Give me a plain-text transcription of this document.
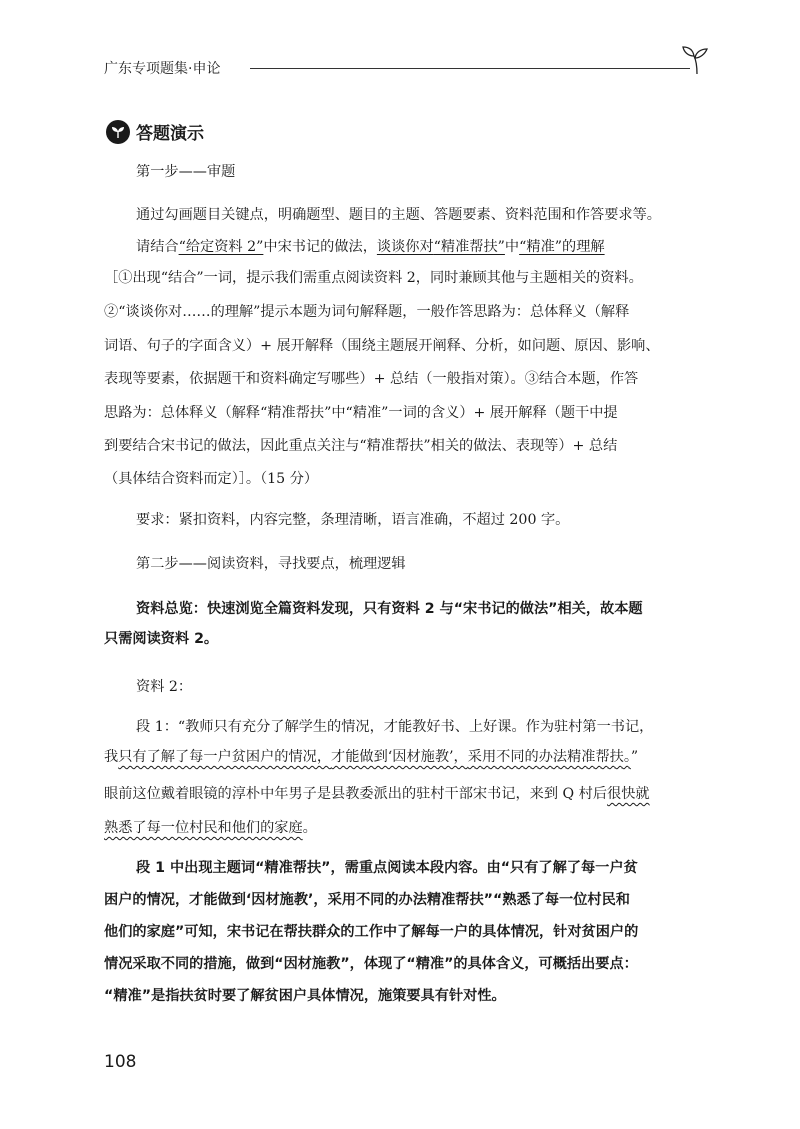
广东专项题集·申论
答题演示
第一步——审题
通过勾画题目关键点，明确题型、题目的主题、答题要素、资料范围和作答要求等。
请结合“给定资料 2”中宋书记的做法，谈谈你对“精准帮扶”中“精准”的理解
［①出现“结合”一词，提示我们需重点阅读资料 2，同时兼顾其他与主题相关的资料。
②“谈谈你对……的理解”提示本题为词句解释题，一般作答思路为：总体释义（解释
词语、句子的字面含义）+ 展开解释（围绕主题展开阐释、分析，如问题、原因、影响、
表现等要素，依据题干和资料确定写哪些）+ 总结（一般指对策）。③结合本题，作答
思路为：总体释义（解释“精准帮扶”中“精准”一词的含义）+ 展开解释（题干中提
到要结合宋书记的做法，因此重点关注与“精准帮扶”相关的做法、表现等）+ 总结
（具体结合资料而定）］。（15 分）
要求：紧扣资料，内容完整，条理清晰，语言准确，不超过 200 字。
第二步——阅读资料，寻找要点，梳理逻辑
资料总览：快速浏览全篇资料发现，只有资料 2 与“宋书记的做法”相关，故本题
只需阅读资料 2。
资料 2：
段 1：“教师只有充分了解学生的情况，才能教好书、上好课。作为驻村第一书记，
我只有了解了每一户贫困户的情况，才能做到‘因材施教’，采用不同的办法精准帮扶。”
眼前这位戴着眼镜的淳朴中年男子是县教委派出的驻村干部宋书记，来到 Q 村后很快就
熟悉了每一位村民和他们的家庭。
段 1 中出现主题词“精准帮扶”，需重点阅读本段内容。由“只有了解了每一户贫
困户的情况，才能做到‘因材施教’，采用不同的办法精准帮扶”“熟悉了每一位村民和
他们的家庭”可知，宋书记在帮扶群众的工作中了解每一户的具体情况，针对贫困户的
情况采取不同的措施，做到“因材施教”，体现了“精准”的具体含义，可概括出要点：
“精准”是指扶贫时要了解贫困户具体情况，施策要具有针对性。
108
